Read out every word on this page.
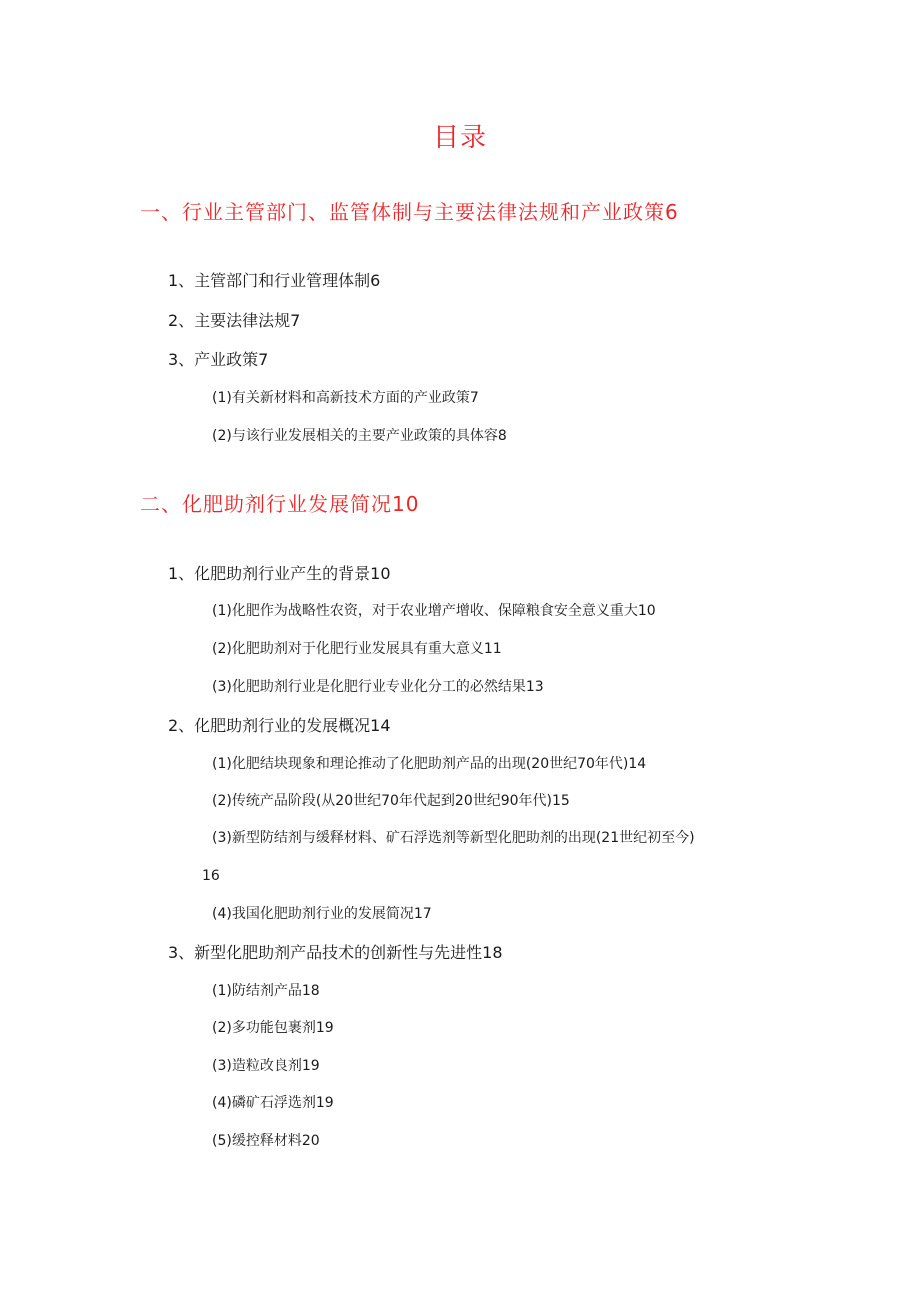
目录
一、行业主管部门、监管体制与主要法律法规和产业政策6
1、主管部门和行业管理体制6
2、主要法律法规7
3、产业政策7
(1)有关新材料和高新技术方面的产业政策7
(2)与该行业发展相关的主要产业政策的具体容8
二、化肥助剂行业发展简况10
1、化肥助剂行业产生的背景10
(1)化肥作为战略性农资，对于农业增产增收、保障粮食安全意义重大10
(2)化肥助剂对于化肥行业发展具有重大意义11
(3)化肥助剂行业是化肥行业专业化分工的必然结果13
2、化肥助剂行业的发展概况14
(1)化肥结块现象和理论推动了化肥助剂产品的出现(20世纪70年代)14
(2)传统产品阶段(从20世纪70年代起到20世纪90年代)15
(3)新型防结剂与缓释材料、矿石浮选剂等新型化肥助剂的出现(21世纪初至今)
16
(4)我国化肥助剂行业的发展简况17
3、新型化肥助剂产品技术的创新性与先进性18
(1)防结剂产品18
(2)多功能包裹剂19
(3)造粒改良剂19
(4)磷矿石浮选剂19
(5)缓控释材料20
